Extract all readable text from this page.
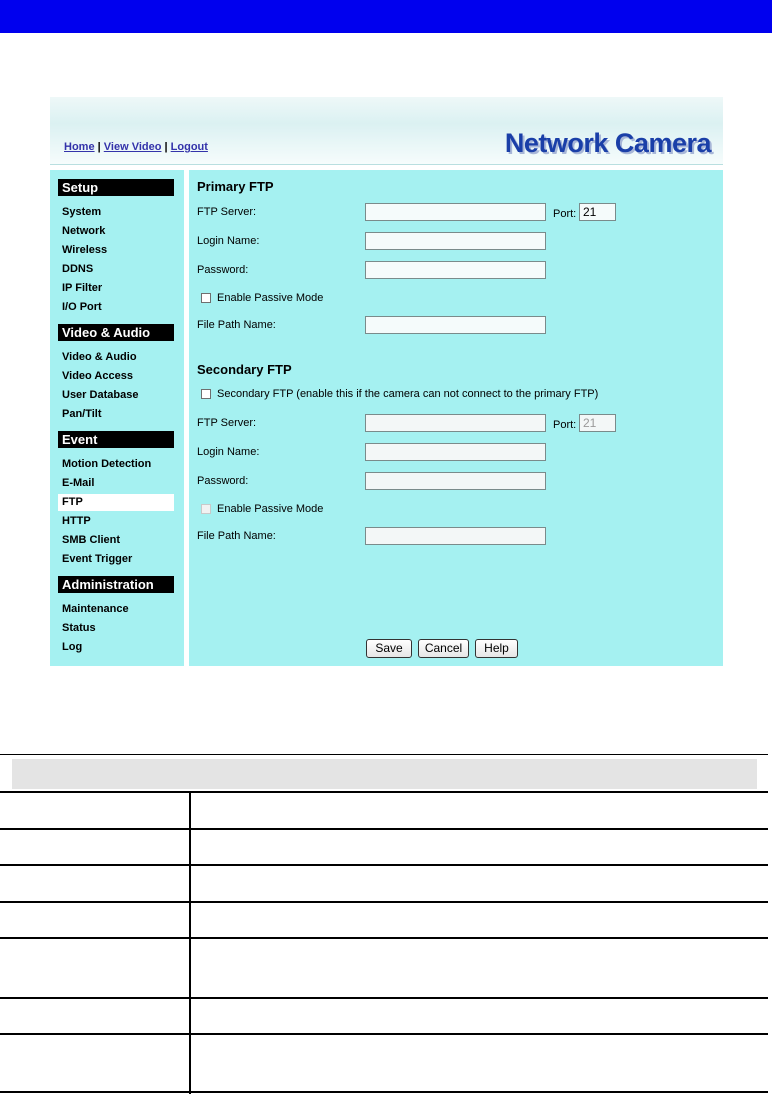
Home | View Video | Logout	Network Camera
Setup
System
Network
Wireless
DDNS
IP Filter
I/O Port
Video & Audio
Video & Audio
Video Access
User Database
Pan/Tilt
Event
Motion Detection
E-Mail
FTP
HTTP
SMB Client
Event Trigger
Administration
Maintenance
Status
Log
Primary FTP
FTP Server:	Port:
21
Login Name:
Password:
Enable Passive Mode
File Path Name:
Secondary FTP
Secondary FTP (enable this if the camera can not connect to the primary FTP)
FTP Server:	Port:
21
Login Name:
Password:
Enable Passive Mode
File Path Name:
Save	Cancel	Help
